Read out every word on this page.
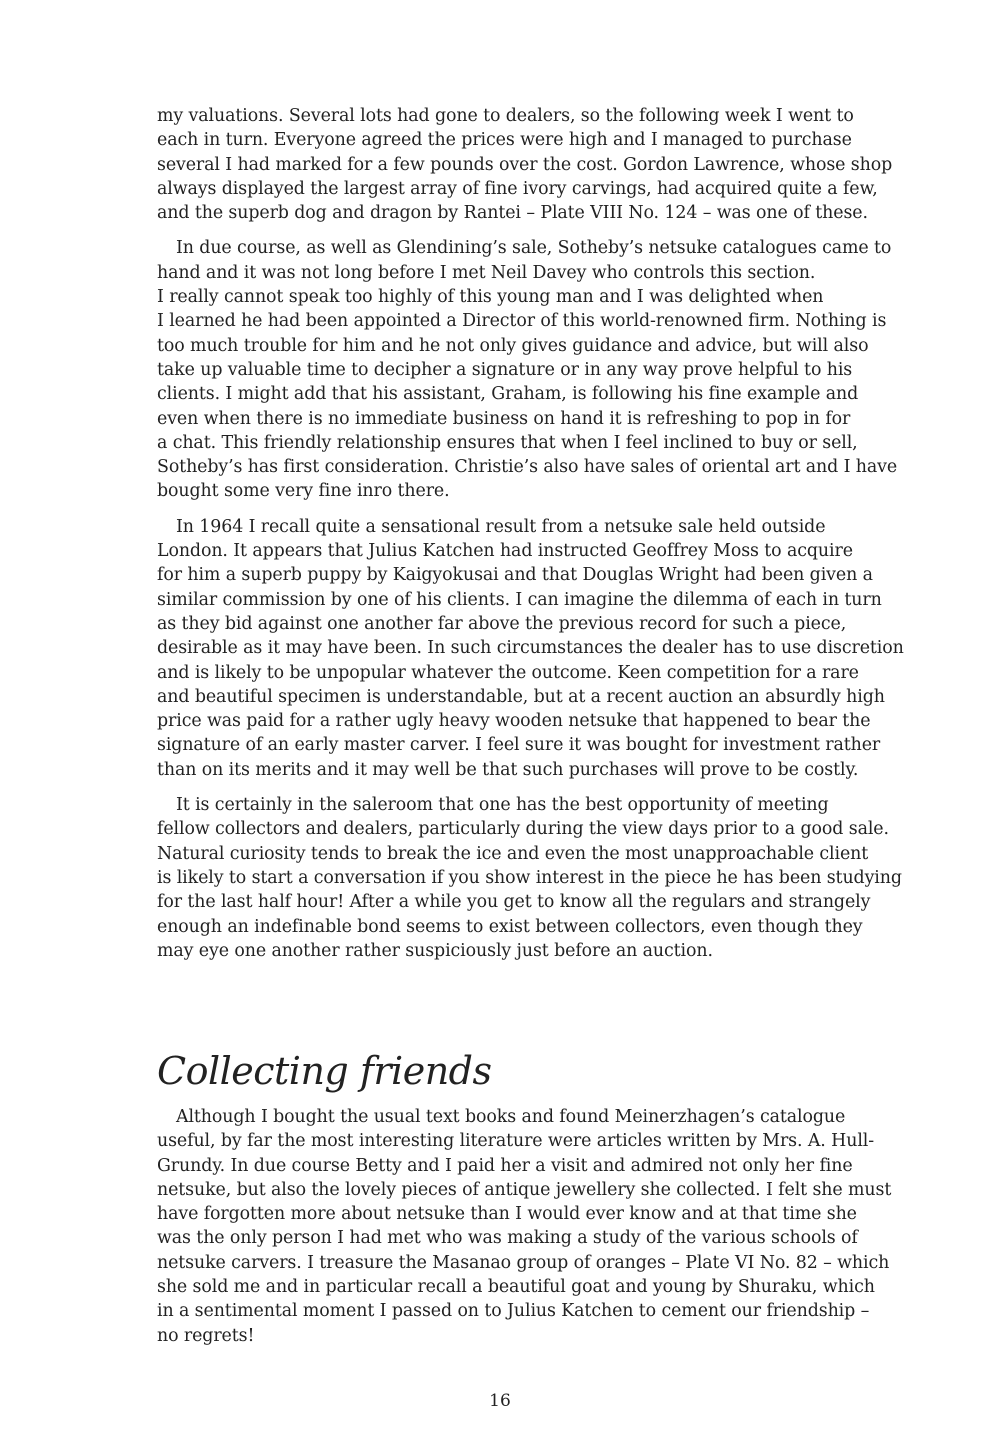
my valuations. Several lots had gone to dealers, so the following week I went to
each in turn. Everyone agreed the prices were high and I managed to purchase
several I had marked for a few pounds over the cost. Gordon Lawrence, whose shop
always displayed the largest array of fine ivory carvings, had acquired quite a few,
and the superb dog and dragon by Rantei – Plate VIII No. 124 – was one of these.
In due course, as well as Glendining’s sale, Sotheby’s netsuke catalogues came to
hand and it was not long before I met Neil Davey who controls this section.
I really cannot speak too highly of this young man and I was delighted when
I learned he had been appointed a Director of this world-renowned firm. Nothing is
too much trouble for him and he not only gives guidance and advice, but will also
take up valuable time to decipher a signature or in any way prove helpful to his
clients. I might add that his assistant, Graham, is following his fine example and
even when there is no immediate business on hand it is refreshing to pop in for
a chat. This friendly relationship ensures that when I feel inclined to buy or sell,
Sotheby’s has first consideration. Christie’s also have sales of oriental art and I have
bought some very fine inro there.
In 1964 I recall quite a sensational result from a netsuke sale held outside
London. It appears that Julius Katchen had instructed Geoffrey Moss to acquire
for him a superb puppy by Kaigyokusai and that Douglas Wright had been given a
similar commission by one of his clients. I can imagine the dilemma of each in turn
as they bid against one another far above the previous record for such a piece,
desirable as it may have been. In such circumstances the dealer has to use discretion
and is likely to be unpopular whatever the outcome. Keen competition for a rare
and beautiful specimen is understandable, but at a recent auction an absurdly high
price was paid for a rather ugly heavy wooden netsuke that happened to bear the
signature of an early master carver. I feel sure it was bought for investment rather
than on its merits and it may well be that such purchases will prove to be costly.
It is certainly in the saleroom that one has the best opportunity of meeting
fellow collectors and dealers, particularly during the view days prior to a good sale.
Natural curiosity tends to break the ice and even the most unapproachable client
is likely to start a conversation if you show interest in the piece he has been studying
for the last half hour! After a while you get to know all the regulars and strangely
enough an indefinable bond seems to exist between collectors, even though they
may eye one another rather suspiciously just before an auction.
Collecting friends
Although I bought the usual text books and found Meinerzhagen’s catalogue
useful, by far the most interesting literature were articles written by Mrs. A. Hull-
Grundy. In due course Betty and I paid her a visit and admired not only her fine
netsuke, but also the lovely pieces of antique jewellery she collected. I felt she must
have forgotten more about netsuke than I would ever know and at that time she
was the only person I had met who was making a study of the various schools of
netsuke carvers. I treasure the Masanao group of oranges – Plate VI No. 82 – which
she sold me and in particular recall a beautiful goat and young by Shuraku, which
in a sentimental moment I passed on to Julius Katchen to cement our friendship –
no regrets!
16
